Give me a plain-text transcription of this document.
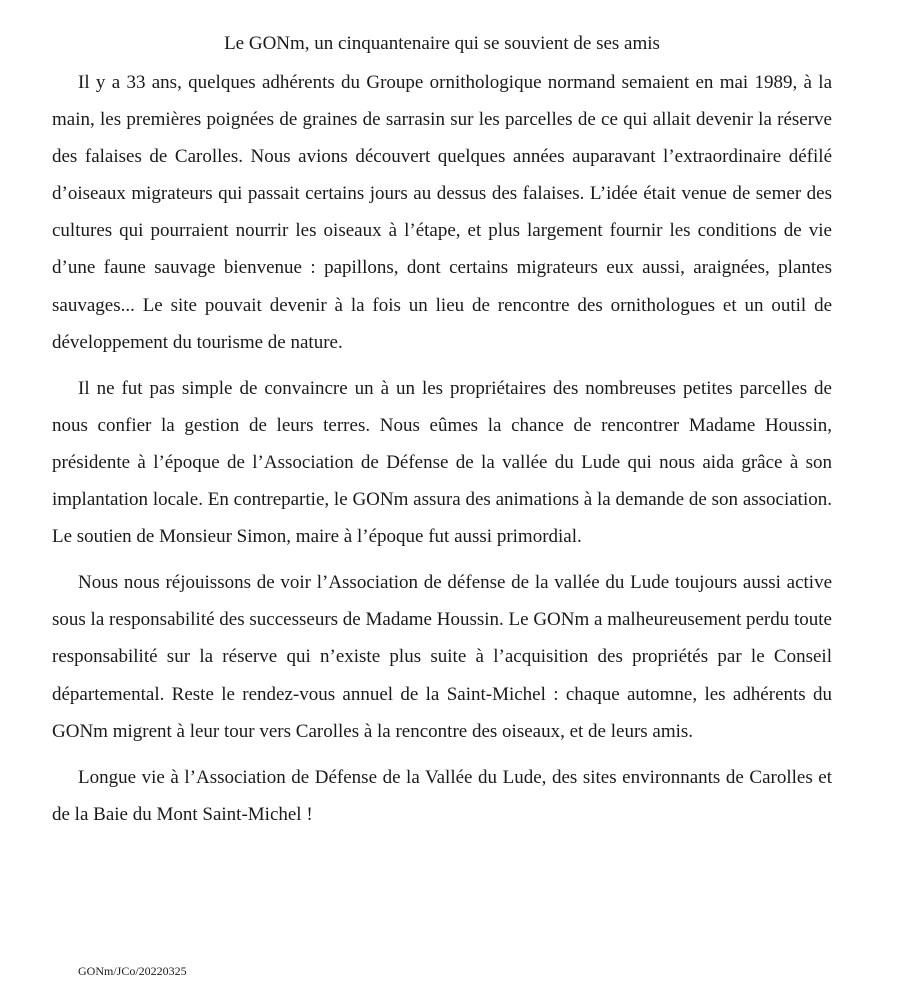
Le GONm, un cinquantenaire qui se souvient de ses amis

Il y a 33 ans, quelques adhérents du Groupe ornithologique normand semaient en mai 1989, à la main, les premières poignées de graines de sarrasin sur les parcelles de ce qui allait devenir la réserve des falaises de Carolles. Nous avions découvert quelques années auparavant l’extraordinaire défilé d’oiseaux migrateurs qui passait certains jours au dessus des falaises. L’idée était venue de semer des cultures qui pourraient nourrir les oiseaux à l’étape, et plus largement fournir les conditions de vie d’une faune sauvage bienvenue : papillons, dont certains migrateurs eux aussi, araignées, plantes sauvages... Le site pouvait devenir à la fois un lieu de rencontre des ornithologues et un outil de développement du tourisme de nature.

Il ne fut pas simple de convaincre un à un les propriétaires des nombreuses petites parcelles de nous confier la gestion de leurs terres. Nous eûmes la chance de rencontrer Madame Houssin, présidente à l’époque de l’Association de Défense de la vallée du Lude qui nous aida grâce à son implantation locale. En contrepartie, le GONm assura des animations à la demande de son association. Le soutien de Monsieur Simon, maire à l’époque fut aussi primordial.

Nous nous réjouissons de voir l’Association de défense de la vallée du Lude toujours aussi active sous la responsabilité des successeurs de Madame Houssin. Le GONm a malheureusement perdu toute responsabilité sur la réserve qui n’existe plus suite à l’acquisition des propriétés par le Conseil départemental. Reste le rendez-vous annuel de la Saint-Michel : chaque automne, les adhérents du GONm migrent à leur tour vers Carolles à la rencontre des oiseaux, et de leurs amis.

Longue vie à l’Association de Défense de la Vallée du Lude, des sites environnants de Carolles et de la Baie du Mont Saint-Michel !

GONm/JCo/20220325
